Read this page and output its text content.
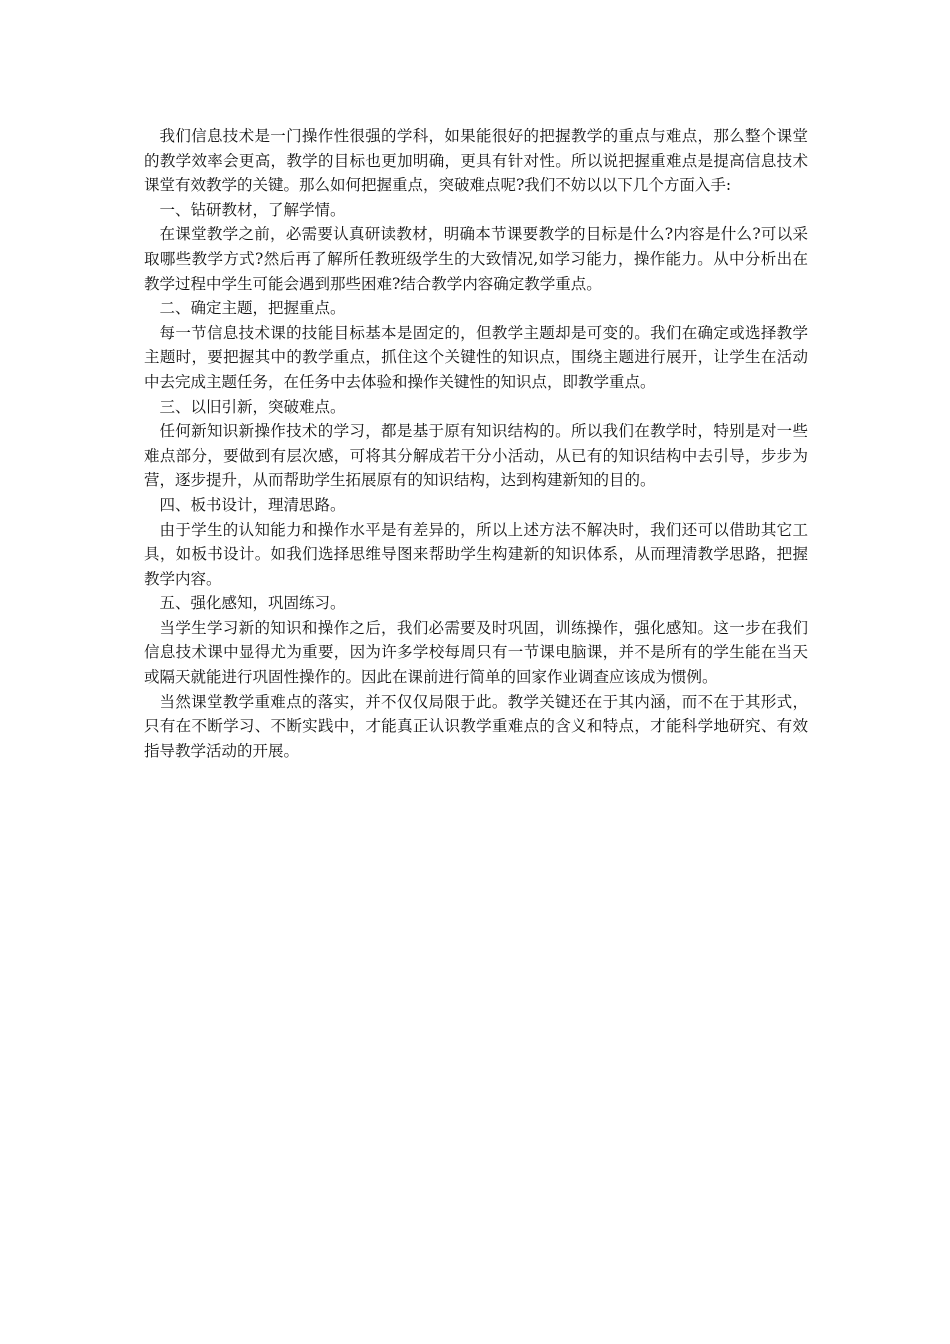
我们信息技术是一门操作性很强的学科，如果能很好的把握教学的重点与难点，那么整个课堂的教学效率会更高，教学的目标也更加明确，更具有针对性。所以说把握重难点是提高信息技术课堂有效教学的关键。那么如何把握重点，突破难点呢?我们不妨以以下几个方面入手:

一、钻研教材，了解学情。

在课堂教学之前，必需要认真研读教材，明确本节课要教学的目标是什么?内容是什么?可以采取哪些教学方式?然后再了解所任教班级学生的大致情况,如学习能力，操作能力。从中分析出在教学过程中学生可能会遇到那些困难?结合教学内容确定教学重点。

二、确定主题，把握重点。

每一节信息技术课的技能目标基本是固定的，但教学主题却是可变的。我们在确定或选择教学主题时，要把握其中的教学重点，抓住这个关键性的知识点，围绕主题进行展开，让学生在活动中去完成主题任务，在任务中去体验和操作关键性的知识点，即教学重点。

三、以旧引新，突破难点。

任何新知识新操作技术的学习，都是基于原有知识结构的。所以我们在教学时，特别是对一些难点部分，要做到有层次感，可将其分解成若干分小活动，从已有的知识结构中去引导，步步为营，逐步提升，从而帮助学生拓展原有的知识结构，达到构建新知的目的。

四、板书设计，理清思路。

由于学生的认知能力和操作水平是有差异的，所以上述方法不解决时，我们还可以借助其它工具，如板书设计。如我们选择思维导图来帮助学生构建新的知识体系，从而理清教学思路，把握教学内容。

五、强化感知，巩固练习。

当学生学习新的知识和操作之后，我们必需要及时巩固，训练操作，强化感知。这一步在我们信息技术课中显得尤为重要，因为许多学校每周只有一节课电脑课，并不是所有的学生能在当天或隔天就能进行巩固性操作的。因此在课前进行简单的回家作业调查应该成为惯例。

当然课堂教学重难点的落实，并不仅仅局限于此。教学关键还在于其内涵，而不在于其形式，只有在不断学习、不断实践中，才能真正认识教学重难点的含义和特点，才能科学地研究、有效指导教学活动的开展。
